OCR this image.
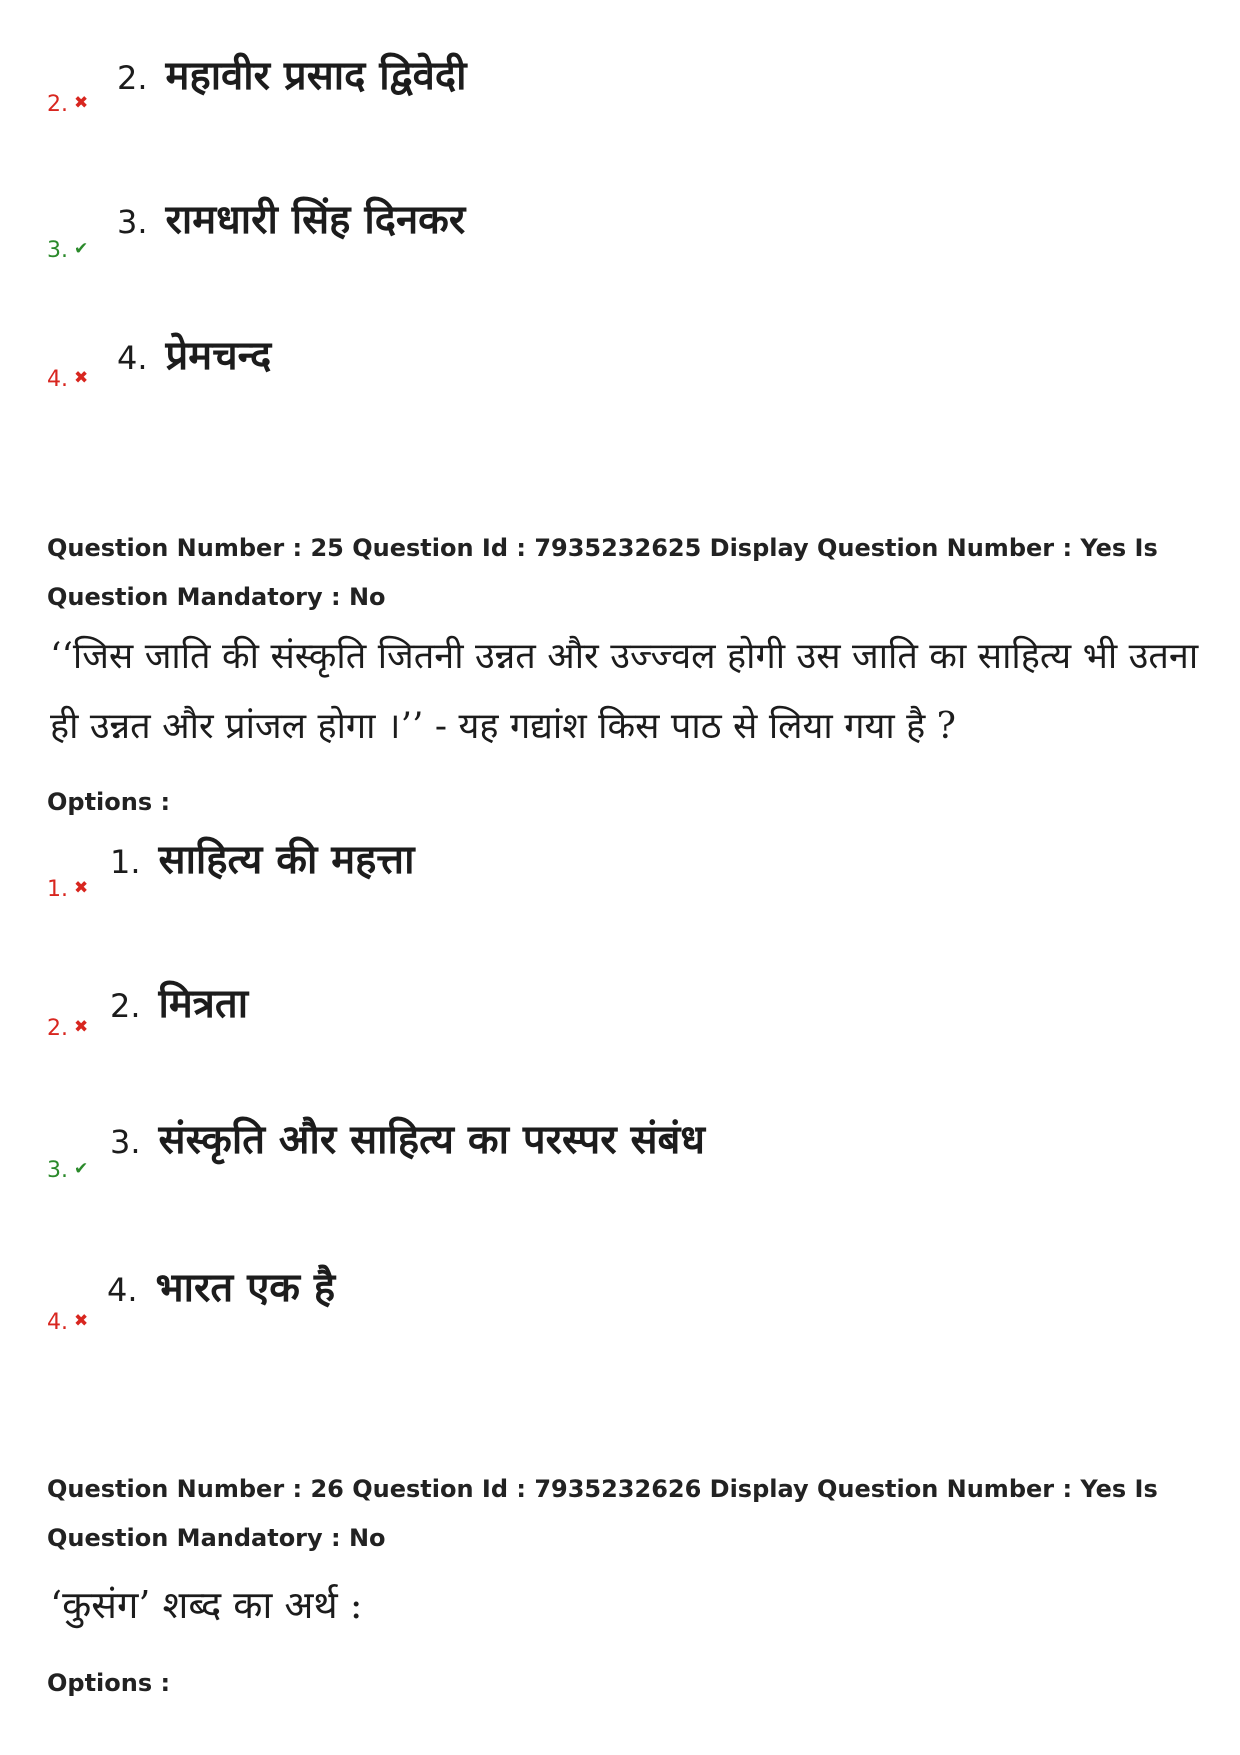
2. ✖
2. महावीर प्रसाद द्विवेदी
3. ✔
3. रामधारी सिंह दिनकर
4. ✖
4. प्रेमचन्द
Question Number : 25 Question Id : 7935232625 Display Question Number : Yes Is Question Mandatory : No
‘‘जिस जाति की संस्कृति जितनी उन्नत और उज्ज्वल होगी उस जाति का साहित्य भी उतना
ही उन्नत और प्रांजल होगा ।’’ - यह गद्यांश किस पाठ से लिया गया है ?
Options :
1. ✖
1. साहित्य की महत्ता
2. ✖
2. मित्रता
3. ✔
3. संस्कृति और साहित्य का परस्पर संबंध
4. ✖
4. भारत एक है
Question Number : 26 Question Id : 7935232626 Display Question Number : Yes Is Question Mandatory : No
‘कुसंग’ शब्द का अर्थ :
Options :
